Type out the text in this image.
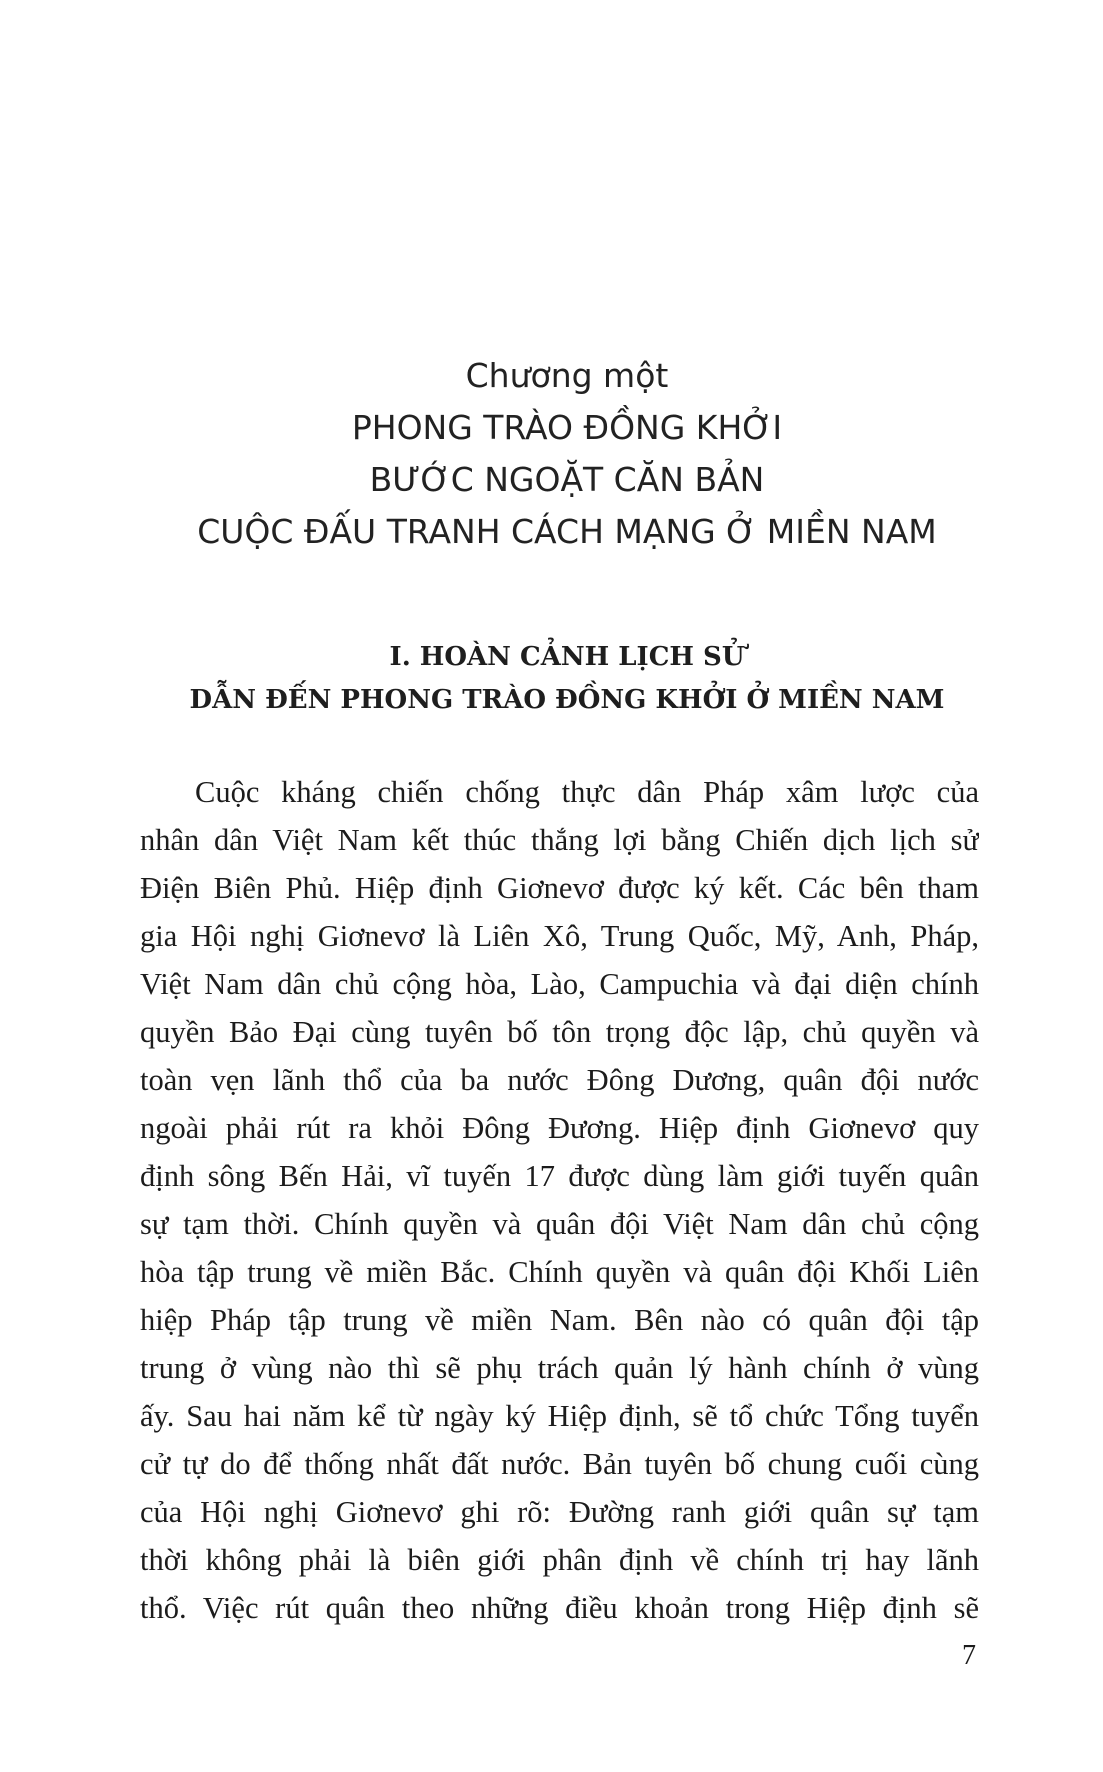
Chương một
PHONG TRÀO ĐỒNG KHỞI
BƯỚC NGOẶT CĂN BẢN
CUỘC ĐẤU TRANH CÁCH MẠNG Ở MIỀN NAM
I. HOÀN CẢNH LỊCH SỬ
DẪN ĐẾN PHONG TRÀO ĐỒNG KHỞI Ở MIỀN NAM
Cuộc kháng chiến chống thực dân Pháp xâm lược của
nhân dân Việt Nam kết thúc thắng lợi bằng Chiến dịch lịch sử
Điện Biên Phủ. Hiệp định Giơnevơ được ký kết. Các bên tham
gia Hội nghị Giơnevơ là Liên Xô, Trung Quốc, Mỹ, Anh, Pháp,
Việt Nam dân chủ cộng hòa, Lào, Campuchia và đại diện chính
quyền Bảo Đại cùng tuyên bố tôn trọng độc lập, chủ quyền và
toàn vẹn lãnh thổ của ba nước Đông Dương, quân đội nước
ngoài phải rút ra khỏi Đông Đương. Hiệp định Giơnevơ quy
định sông Bến Hải, vĩ tuyến 17 được dùng làm giới tuyến quân
sự tạm thời. Chính quyền và quân đội Việt Nam dân chủ cộng
hòa tập trung về miền Bắc. Chính quyền và quân đội Khối Liên
hiệp Pháp tập trung về miền Nam. Bên nào có quân đội tập
trung ở vùng nào thì sẽ phụ trách quản lý hành chính ở vùng
ấy. Sau hai năm kể từ ngày ký Hiệp định, sẽ tổ chức Tổng tuyển
cử tự do để thống nhất đất nước. Bản tuyên bố chung cuối cùng
của Hội nghị Giơnevơ ghi rõ: Đường ranh giới quân sự tạm
thời không phải là biên giới phân định về chính trị hay lãnh
thổ. Việc rút quân theo những điều khoản trong Hiệp định sẽ
7
